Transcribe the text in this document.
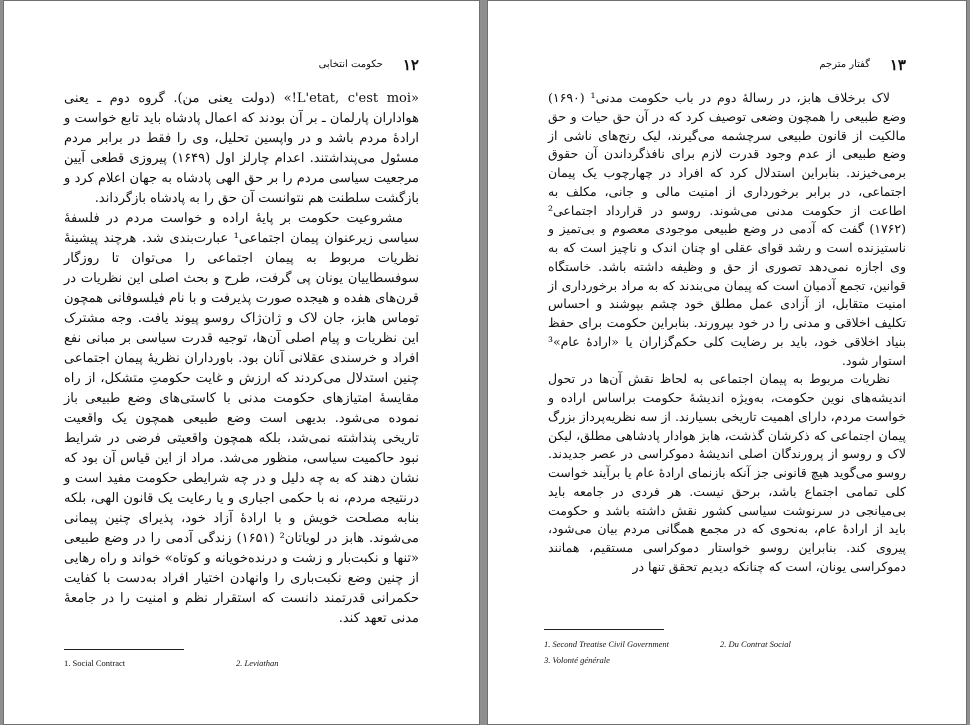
۱۲
حکومت انتخابی

«L'etat, c'est moi!» (دولت یعنی من). گروه دوم ـ یعنی هواداران پارلمان ـ بر آن بودند که اعمال پادشاه باید تابع خواست و ارادهٔ مردم باشد و در واپسین تحلیل، وی را فقط در برابر مردم مسئول می‌پنداشتند. اعدام چارلز اول (۱۶۴۹) پیروزی قطعی آیین مرجعیت سیاسی مردم را بر حق الهی پادشاه به جهان اعلام کرد و بازگشت سلطنت هم نتوانست آن حق را به پادشاه بازگرداند.

مشروعیت حکومت بر پایهٔ اراده و خواست مردم در فلسفهٔ سیاسی زیرعنوان پیمان اجتماعی¹ عبارت‌بندی شد. هرچند پیشینهٔ نظریات مربوط به پیمان اجتماعی را می‌توان تا روزگار سوفسطاییان یونان پی گرفت، طرح و بحث اصلی این نظریات در قرن‌های هفده و هیجده صورت پذیرفت و با نام فیلسوفانی همچون توماس هابز، جان لاک و ژان‌ژاک روسو پیوند یافت. وجه مشترک این نظریات و پیام اصلی آن‌ها، توجیه قدرت سیاسی بر مبانی نفع افراد و خرسندی عقلانی آنان بود. باورداران نظریهٔ پیمان اجتماعی چنین استدلال می‌کردند که ارزش و غایت حکومتِ متشکل، از راه مقایسهٔ امتیازهای حکومت مدنی با کاستی‌های وضع طبیعی باز نموده می‌شود. بدیهی است وضع طبیعی همچون یک واقعیت تاریخی پنداشته نمی‌شد، بلکه همچون واقعیتی فرضی در شرایط نبود حاکمیت سیاسی، منظور می‌شد. مراد از این قیاس آن بود که نشان دهند که به چه دلیل و در چه شرایطی حکومت مفید است و درنتیجه مردم، نه با حکمی اجباری و یا رعایت یک قانون الهی، بلکه بنابه مصلحت خویش و با ارادهٔ آزاد خود، پذیرای چنین پیمانی می‌شوند. هابز در لویاتان² (۱۶۵۱) زندگی آدمی را در وضع طبیعی «تنها و نکبت‌بار و زشت و درنده‌خویانه و کوتاه» خواند و راه رهایی از چنین وضع نکبت‌باری را وانهادن اختیار افراد به‌دست با کفایت حکمرانی قدرتمند دانست که استقرار نظم و امنیت را در جامعهٔ مدنی تعهد کند.

1. Social Contract	2. Leviathan
۱۳
گفتار مترجم

لاک برخلاف هابز، در رسالهٔ دوم در باب حکومت مدنی¹ (۱۶۹۰) وضع طبیعی را همچون وضعی توصیف کرد که در آن حق حیات و حق مالکیت از قانون طبیعی سرچشمه می‌گیرند، لیک رنج‌های ناشی از وضع طبیعی از عدم وجود قدرت لازم برای نافذگرداندن آن حقوق برمی‌خیزند. بنابراین استدلال کرد که افراد در چهارچوب یک پیمان اجتماعی، در برابر برخورداری از امنیت مالی و جانی، مکلف به اطاعت از حکومت مدنی می‌شوند. روسو در قرارداد اجتماعی² (۱۷۶۲) گفت که آدمی در وضع طبیعی موجودی معصوم و بی‌تمیز و ناستیزنده است و رشد قوای عقلی او چنان اندک و ناچیز است که به وی اجازه نمی‌دهد تصوری از حق و وظیفه داشته باشد. خاستگاه قوانین، تجمع آدمیان است که پیمان می‌بندند که به مراد برخورداری از امنیت متقابل، از آزادی عمل مطلق خود چشم بپوشند و احساس تکلیف اخلاقی و مدنی را در خود بپرورند. بنابراین حکومت برای حفظ بنیاد اخلاقی خود، باید بر رضایت کلی حکم‌گزاران یا «ارادهٔ عام»³ استوار شود.

نظریات مربوط به پیمان اجتماعی به لحاظ نقش آن‌ها در تحول اندیشه‌های نوین حکومت، به‌ویژه اندیشهٔ حکومت براساس اراده و خواست مردم، دارای اهمیت تاریخی بسیارند. از سه نظریه‌پرداز بزرگ پیمان اجتماعی که ذکرشان گذشت، هابز هوادار پادشاهی مطلق، لیکن لاک و روسو از پرورندگان اصلی اندیشهٔ دموکراسی در عصر جدیدند. روسو می‌گوید هیچ قانونی جز آنکه بازنمای ارادهٔ عام یا برآیند خواست کلی تمامی اجتماع باشد، برحق نیست. هر فردی در جامعه باید بی‌میانجی در سرنوشت سیاسی کشور نقش داشته باشد و حکومت باید از ارادهٔ عام، به‌نحوی که در مجمع همگانی مردم بیان می‌شود، پیروی کند. بنابراین روسو خواستار دموکراسی مستقیم، همانند دموکراسی یونان، است که چنانکه دیدیم تحقق تنها در

1. Second Treatise Civil Government	2. Du Contrat Social
3. Volonté générale
